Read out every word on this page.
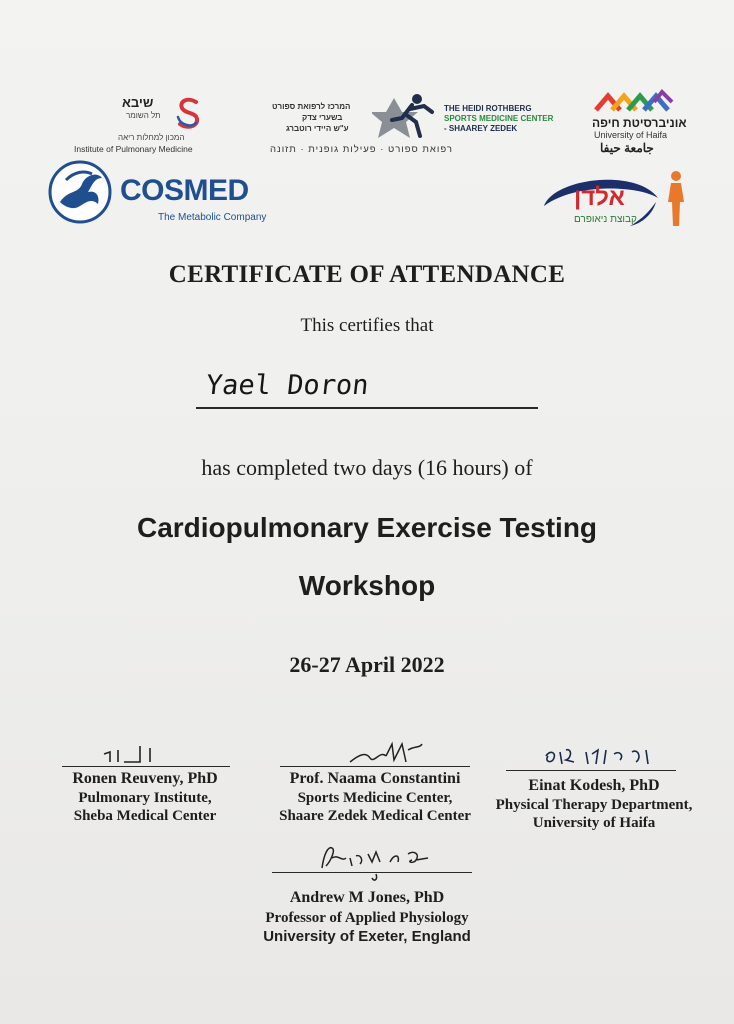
שיבא
תל השומר
המכון למחלות ריאה
Institute of Pulmonary Medicine
המרכז לרפואת ספורט
בשערי צדק
ע"ש היידי רוטברג
THE HEIDI ROTHBERG
SPORTS MEDICINE CENTER
- SHAAREY ZEDEK
רפואת ספורט · פעילות גופנית · תזונה
אוניברסיטת חיפה
University of Haifa
جامعة حيفا
COSMED
The Metabolic Company
אלדן
קבוצת ניאופרם
CERTIFICATE OF ATTENDANCE
This certifies that
Yael Doron
has completed two days (16 hours) of
Cardiopulmonary Exercise Testing
Workshop
26-27 April 2022
Ronen Reuveny, PhD
Pulmonary Institute,
Sheba Medical Center
Prof. Naama Constantini
Sports Medicine Center,
Shaare Zedek Medical Center
Einat Kodesh, PhD
Physical Therapy Department,
University of Haifa
Andrew M Jones, PhD
Professor of Applied Physiology
University of Exeter, England
